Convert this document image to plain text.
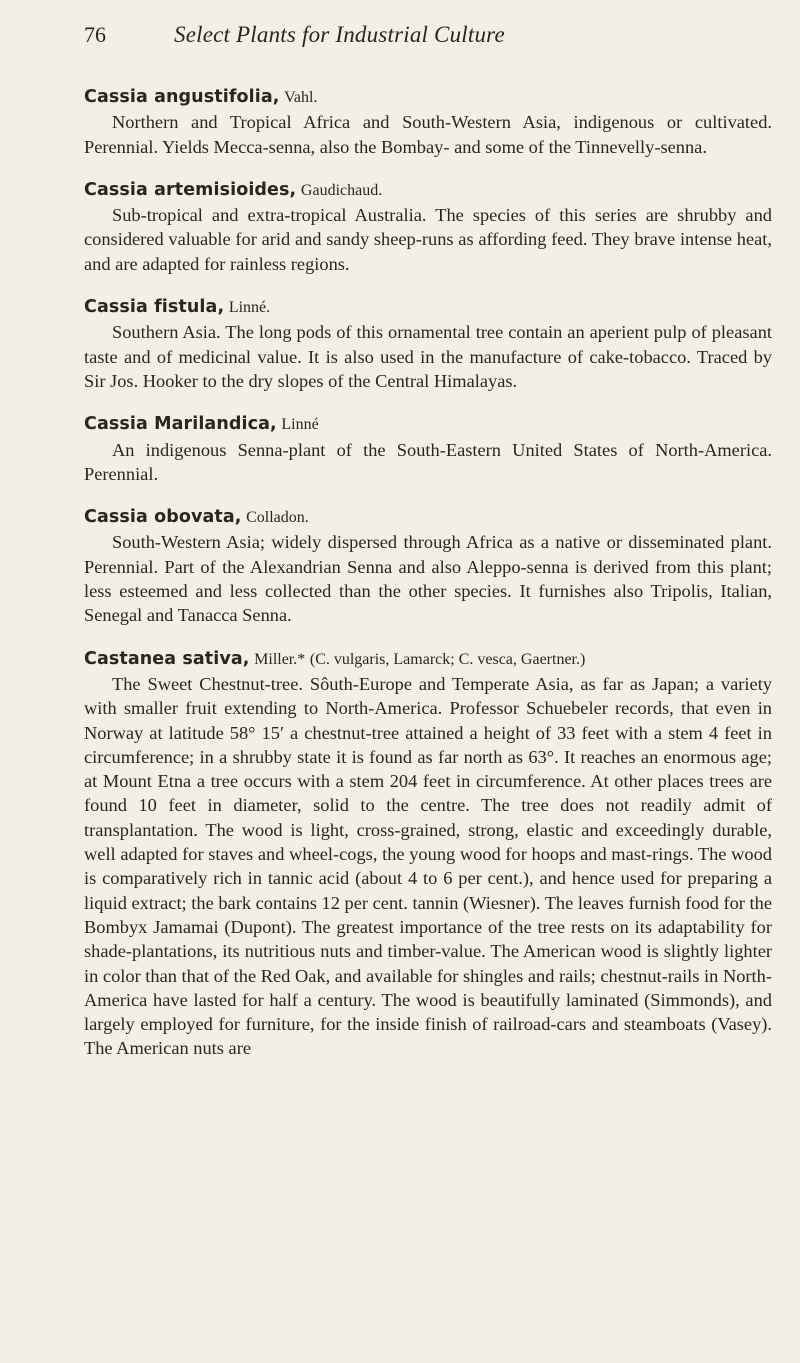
76	Select Plants for Industrial Culture

Cassia angustifolia, Vahl.

Northern and Tropical Africa and South-Western Asia, indigenous or cultivated. Perennial. Yields Mecca-senna, also the Bombay- and some of the Tinnevelly-senna.

Cassia artemisioides, Gaudichaud.

Sub-tropical and extra-tropical Australia. The species of this series are shrubby and considered valuable for arid and sandy sheep-runs as affording feed. They brave intense heat, and are adapted for rainless regions.

Cassia fistula, Linné.

Southern Asia. The long pods of this ornamental tree contain an aperient pulp of pleasant taste and of medicinal value. It is also used in the manufacture of cake-tobacco. Traced by Sir Jos. Hooker to the dry slopes of the Central Himalayas.

Cassia Marilandica, Linné

An indigenous Senna-plant of the South-Eastern United States of North-America. Perennial.

Cassia obovata, Colladon.

South-Western Asia; widely dispersed through Africa as a native or disseminated plant. Perennial. Part of the Alexandrian Senna and also Aleppo-senna is derived from this plant; less esteemed and less collected than the other species. It furnishes also Tripolis, Italian, Senegal and Tanacca Senna.

Castanea sativa, Miller.* (C. vulgaris, Lamarck; C. vesca, Gaertner.)

The Sweet Chestnut-tree. Sôuth-Europe and Temperate Asia, as far as Japan; a variety with smaller fruit extending to North-America. Professor Schuebeler records, that even in Norway at latitude 58° 15′ a chestnut-tree attained a height of 33 feet with a stem 4 feet in circumference; in a shrubby state it is found as far north as 63°. It reaches an enormous age; at Mount Etna a tree occurs with a stem 204 feet in circumference. At other places trees are found 10 feet in diameter, solid to the centre. The tree does not readily admit of transplantation. The wood is light, cross-grained, strong, elastic and exceedingly durable, well adapted for staves and wheel-cogs, the young wood for hoops and mast-rings. The wood is comparatively rich in tannic acid (about 4 to 6 per cent.), and hence used for preparing a liquid extract; the bark contains 12 per cent. tannin (Wiesner). The leaves furnish food for the Bombyx Jamamai (Dupont). The greatest importance of the tree rests on its adaptability for shade-plantations, its nutritious nuts and timber-value. The American wood is slightly lighter in color than that of the Red Oak, and available for shingles and rails; chestnut-rails in North-America have lasted for half a century. The wood is beautifully laminated (Simmonds), and largely employed for furniture, for the inside finish of railroad-cars and steamboats (Vasey). The American nuts are
